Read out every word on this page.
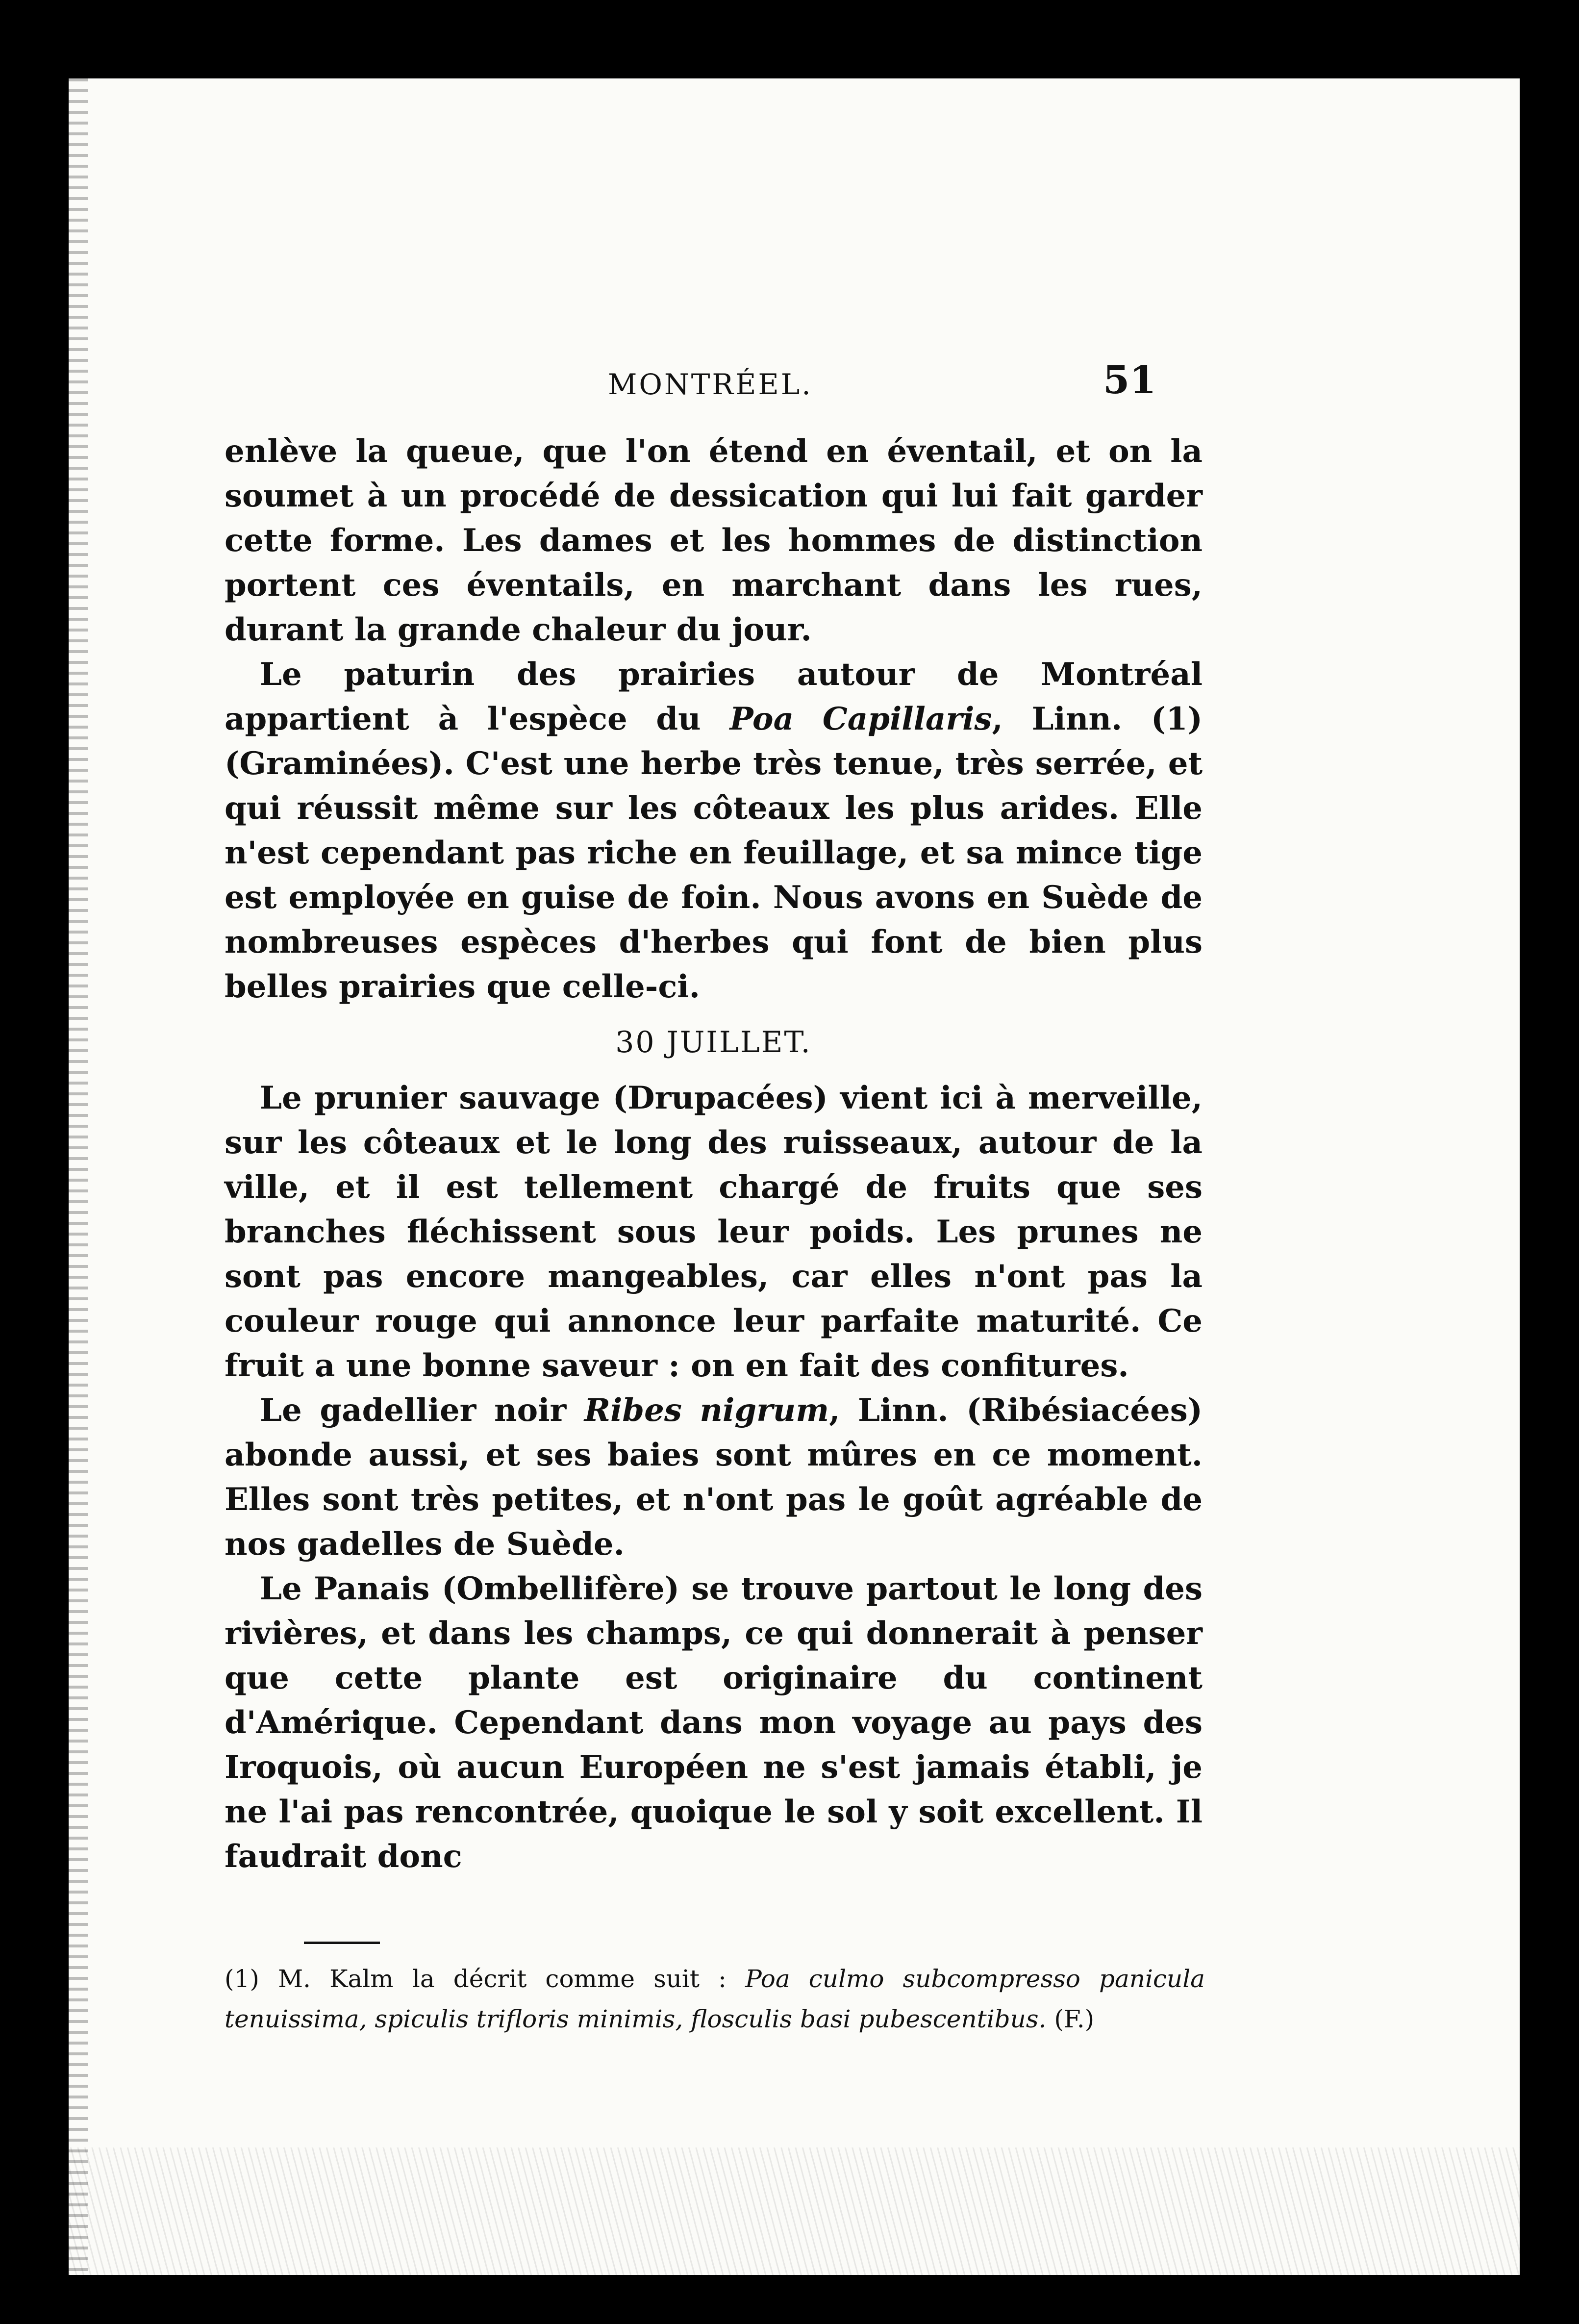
MONTRÉEL.	51

enlève la queue, que l'on étend en éventail, et on la soumet à un procédé de dessication qui lui fait garder cette forme. Les dames et les hommes de distinction portent ces éventails, en marchant dans les rues, durant la grande chaleur du jour.

Le paturin des prairies autour de Montréal appartient à l'espèce du Poa Capillaris, Linn. (1) (Graminées). C'est une herbe très tenue, très serrée, et qui réussit même sur les côteaux les plus arides. Elle n'est cependant pas riche en feuillage, et sa mince tige est employée en guise de foin. Nous avons en Suède de nombreuses espèces d'herbes qui font de bien plus belles prairies que celle-ci.

30 JUILLET.

Le prunier sauvage (Drupacées) vient ici à merveille, sur les côteaux et le long des ruisseaux, autour de la ville, et il est tellement chargé de fruits que ses branches fléchissent sous leur poids. Les prunes ne sont pas encore mangeables, car elles n'ont pas la couleur rouge qui annonce leur parfaite maturité. Ce fruit a une bonne saveur : on en fait des confitures.

Le gadellier noir Ribes nigrum, Linn. (Ribésiacées) abonde aussi, et ses baies sont mûres en ce moment. Elles sont très petites, et n'ont pas le goût agréable de nos gadelles de Suède.

Le Panais (Ombellifère) se trouve partout le long des rivières, et dans les champs, ce qui donnerait à penser que cette plante est originaire du continent d'Amérique. Cependant dans mon voyage au pays des Iroquois, où aucun Européen ne s'est jamais établi, je ne l'ai pas rencontrée, quoique le sol y soit excellent. Il faudrait donc

(1) M. Kalm la décrit comme suit : Poa culmo subcompresso panicula tenuissima, spiculis trifloris minimis, flosculis basi pubescentibus. (F.)
